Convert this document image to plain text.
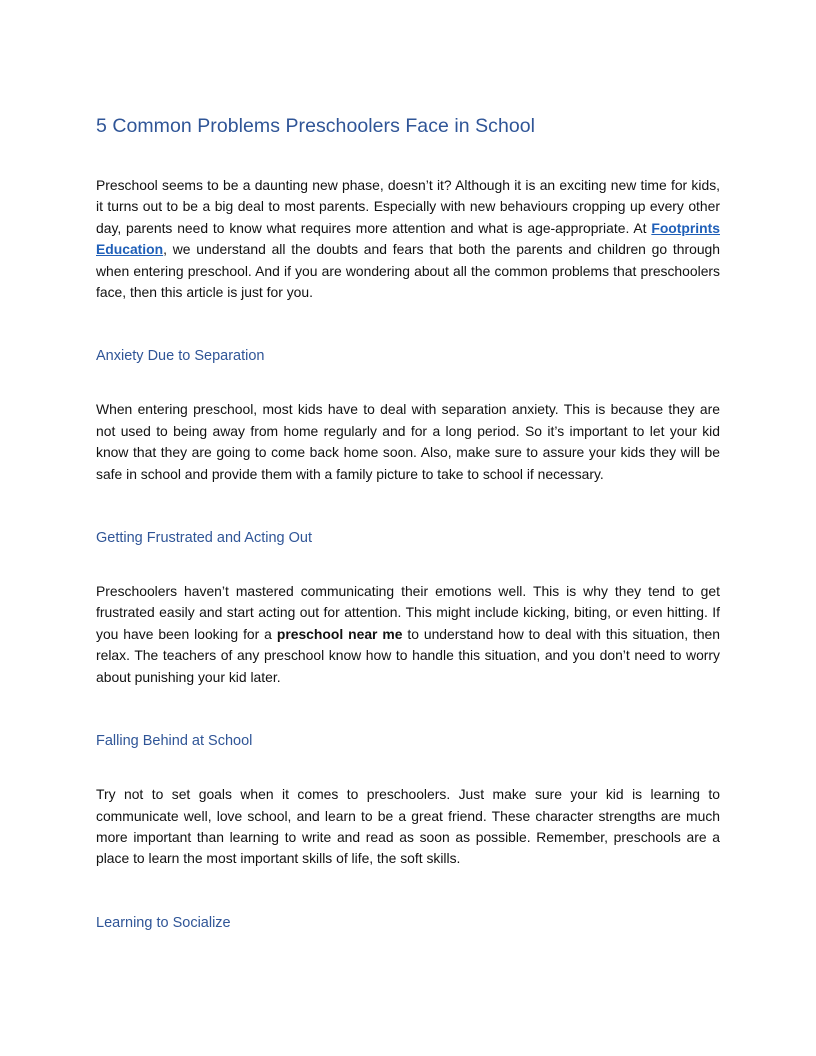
5 Common Problems Preschoolers Face in School

Preschool seems to be a daunting new phase, doesn’t it? Although it is an exciting new time for kids, it turns out to be a big deal to most parents. Especially with new behaviours cropping up every other day, parents need to know what requires more attention and what is age-appropriate. At Footprints Education, we understand all the doubts and fears that both the parents and children go through when entering preschool. And if you are wondering about all the common problems that preschoolers face, then this article is just for you.

Anxiety Due to Separation

When entering preschool, most kids have to deal with separation anxiety. This is because they are not used to being away from home regularly and for a long period. So it’s important to let your kid know that they are going to come back home soon. Also, make sure to assure your kids they will be safe in school and provide them with a family picture to take to school if necessary.

Getting Frustrated and Acting Out

Preschoolers haven’t mastered communicating their emotions well. This is why they tend to get frustrated easily and start acting out for attention. This might include kicking, biting, or even hitting. If you have been looking for a preschool near me to understand how to deal with this situation, then relax. The teachers of any preschool know how to handle this situation, and you don’t need to worry about punishing your kid later.

Falling Behind at School

Try not to set goals when it comes to preschoolers. Just make sure your kid is learning to communicate well, love school, and learn to be a great friend. These character strengths are much more important than learning to write and read as soon as possible. Remember, preschools are a place to learn the most important skills of life, the soft skills.

Learning to Socialize
